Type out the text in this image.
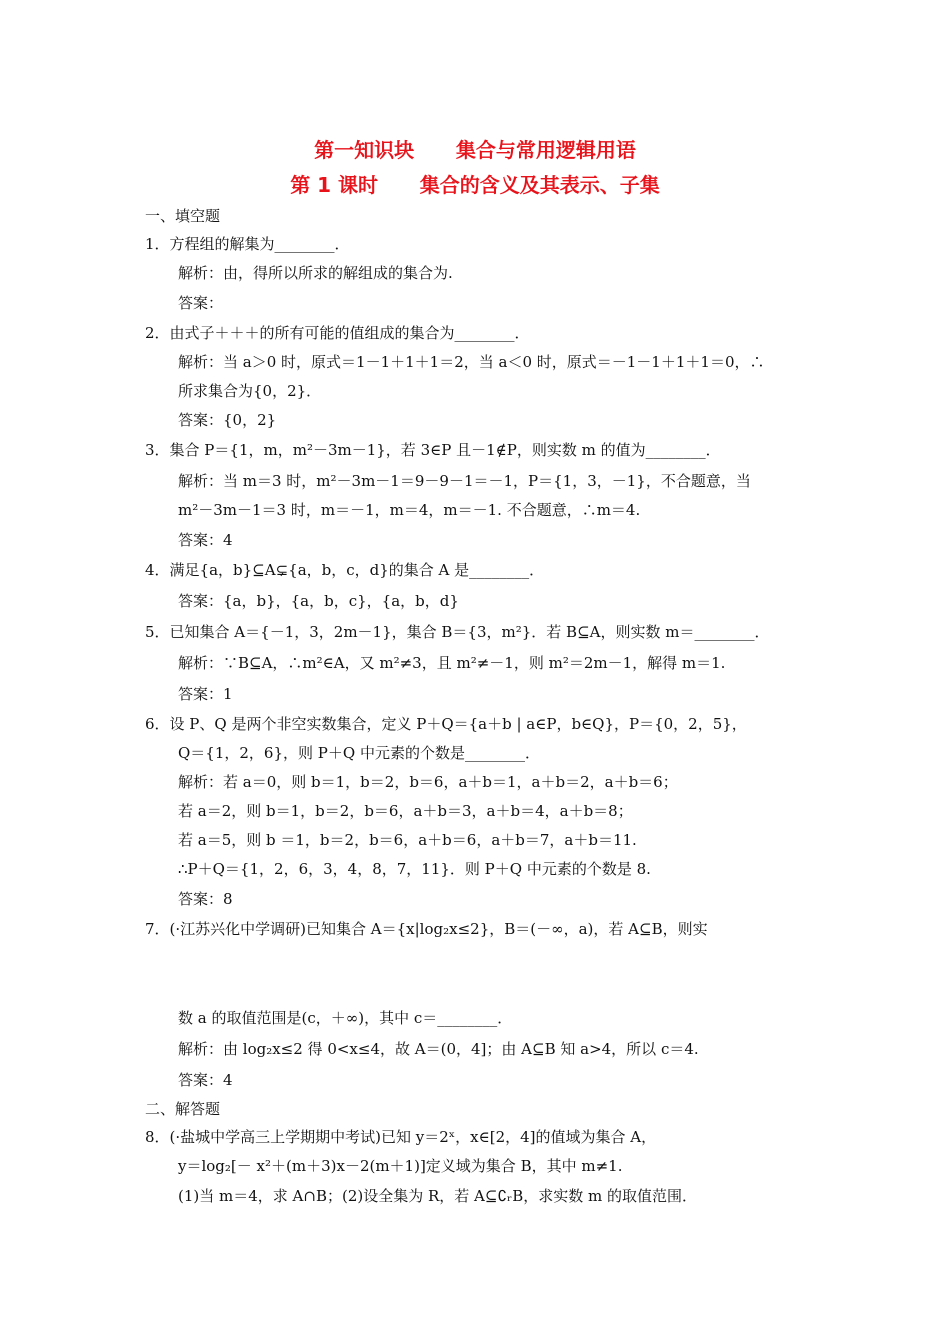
第一知识块      集合与常用逻辑用语
第 1 课时      集合的含义及其表示、子集
一、填空题
1．方程组的解集为________．
解析：由，得所以所求的解组成的集合为.
答案：
2．由式子＋＋＋的所有可能的值组成的集合为________．
解析：当 a＞0 时，原式＝1－1＋1＋1＝2，当 a＜0 时，原式＝－1－1＋1＋1＝0，∴
所求集合为{0，2}．
答案：{0，2}
3．集合 P＝{1，m，m²－3m－1}，若 3∈P 且－1∉P，则实数 m 的值为________．
解析：当 m＝3 时，m²－3m－1＝9－9－1＝－1，P＝{1，3，－1}，不合题意，当
m²－3m－1＝3 时，m＝－1，m＝4，m＝－1. 不合题意，∴m＝4.
答案：4
4．满足{a，b}⊆A⊊{a，b，c，d}的集合 A 是________．
答案：{a，b}，{a，b，c}，{a，b，d}
5．已知集合 A＝{－1，3，2m－1}，集合 B＝{3，m²}．若 B⊆A，则实数 m＝________．
解析：∵B⊆A，∴m²∈A，又 m²≠3，且 m²≠－1，则 m²＝2m－1，解得 m＝1.
答案：1
6．设 P、Q 是两个非空实数集合，定义 P＋Q＝{a＋b | a∈P，b∈Q}，P＝{0，2，5}，
Q＝{1，2，6}，则 P＋Q 中元素的个数是________．
解析：若 a＝0，则 b＝1，b＝2，b＝6，a＋b＝1，a＋b＝2，a＋b＝6；
若 a＝2，则 b＝1，b＝2，b＝6，a＋b＝3，a＋b＝4，a＋b＝8；
若 a＝5，则 b ＝1，b＝2，b＝6，a＋b＝6，a＋b＝7，a＋b＝11.
∴P＋Q＝{1，2，6，3，4，8，7，11}．则 P＋Q 中元素的个数是 8.
答案：8
7．(·江苏兴化中学调研)已知集合 A＝{x|log₂x≤2}，B＝(－∞，a)，若 A⊆B，则实
数 a 的取值范围是(c，＋∞)，其中 c＝________．
解析：由 log₂x≤2 得 0<x≤4，故 A＝(0，4]；由 A⊆B 知 a>4，所以 c＝4.
答案：4
二、解答题
8．(·盐城中学高三上学期期中考试)已知 y＝2ˣ，x∈[2，4]的值域为集合 A，
y＝log₂[－ x²＋(m＋3)x－2(m＋1)]定义域为集合 B，其中 m≠1.
(1)当 m＝4，求 A∩B；(2)设全集为 R，若 A⊆∁ᵣB，求实数 m 的取值范围．
